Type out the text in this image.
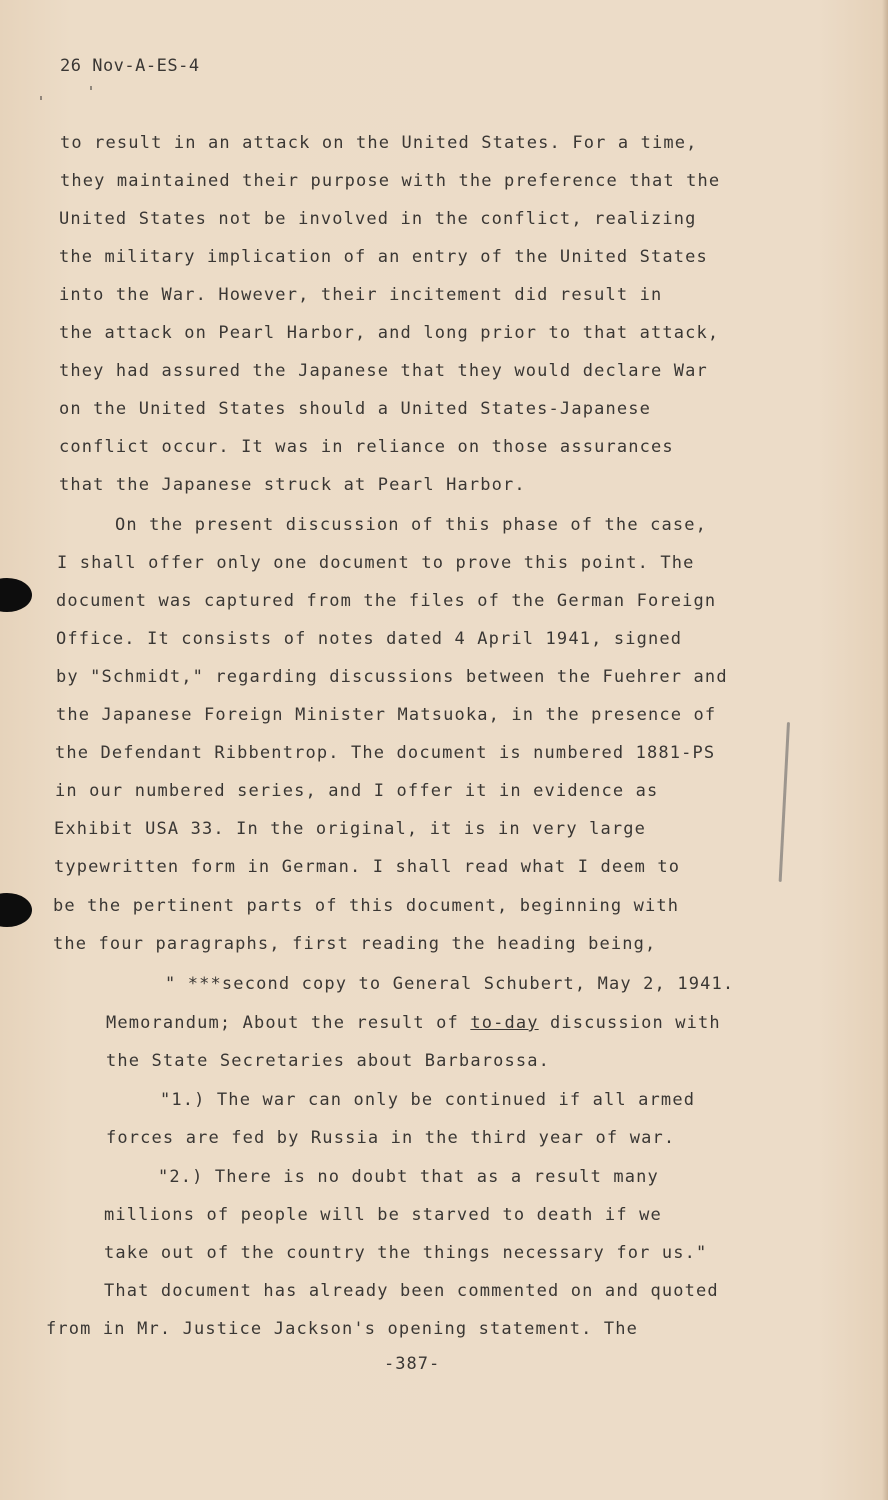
26 Nov-A-ES-4
to result in an attack on the United States. For a time,
they maintained their purpose with the preference that the
United States not be involved in the conflict, realizing
the military implication of an entry of the United States
into the War. However, their incitement did result in
the attack on Pearl Harbor, and long prior to that attack,
they had assured the Japanese that they would declare War
on the United States should a United States-Japanese
conflict occur. It was in reliance on those assurances
that the Japanese struck at Pearl Harbor.
On the present discussion of this phase of the case,
I shall offer only one document to prove this point. The
document was captured from the files of the German Foreign
Office. It consists of notes dated 4 April 1941, signed
by "Schmidt," regarding discussions between the Fuehrer and
the Japanese Foreign Minister Matsuoka, in the presence of
the Defendant Ribbentrop. The document is numbered 1881-PS
in our numbered series, and I offer it in evidence as
Exhibit USA 33. In the original, it is in very large
typewritten form in German. I shall read what I deem to
be the pertinent parts of this document, beginning with
the four paragraphs, first reading the heading being,
" ***second copy to General Schubert, May 2, 1941.
Memorandum; About the result of to-day discussion with
the State Secretaries about Barbarossa.
"1.) The war can only be continued if all armed
forces are fed by Russia in the third year of war.
"2.) There is no doubt that as a result many
millions of people will be starved to death if we
take out of the country the things necessary for us."
That document has already been commented on and quoted
from in Mr. Justice Jackson's opening statement. The
-387-
